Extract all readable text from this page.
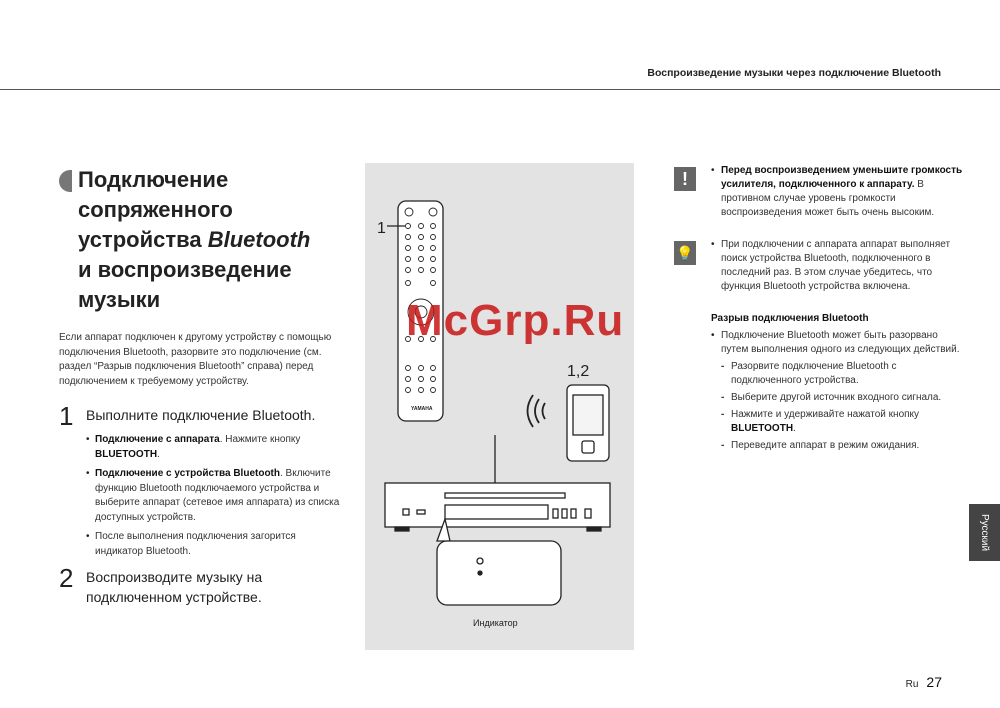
Воспроизведение музыки через подключение Bluetooth
Подключение
сопряженного
устройства Bluetooth
и воспроизведение
музыки

Если аппарат подключен к другому устройству с помощью подключения Bluetooth, разорвите это подключение (см. раздел “Разрыв подключения Bluetooth” справа) перед подключением к требуемому устройству.

1 Выполните подключение Bluetooth.
• Подключение с аппарата. Нажмите кнопку BLUETOOTH.
• Подключение с устройства Bluetooth. Включите функцию Bluetooth подключаемого устройства и выберите аппарат (сетевое имя аппарата) из списка доступных устройств.
• После выполнения подключения загорится индикатор Bluetooth.
2 Воспроизводите музыку на подключенном устройстве.
1
YAMAHA
1,2
Индикатор
McGrp.Ru
!	• Перед воспроизведением уменьшите громкость усилителя, подключенного к аппарату. В противном случае уровень громкости воспроизведения может быть очень высоким.
💡
• При подключении с аппарата аппарат выполняет поиск устройства Bluetooth, подключенного в последний раз. В этом случае убедитесь, что функция Bluetooth устройства включена.
Разрыв подключения Bluetooth
• Подключение Bluetooth может быть разорвано путем выполнения одного из следующих действий.
- Разорвите подключение Bluetooth с подключенного устройства.
- Выберите другой источник входного сигнала.
- Нажмите и удерживайте нажатой кнопку BLUETOOTH.
- Переведите аппарат в режим ожидания.
Русский
Ru 27
